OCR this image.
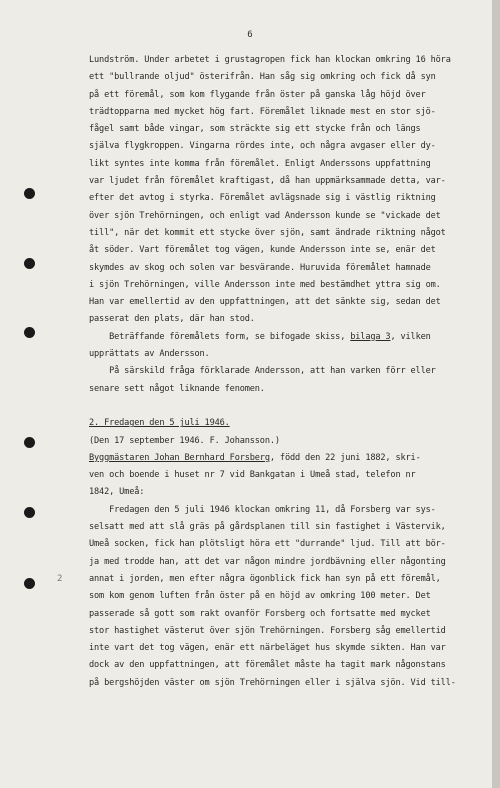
6
2
Lundström. Under arbetet i grustagropen fick han klockan omkring 16 höra
ett "bullrande oljud" österifrån. Han såg sig omkring och fick då syn
på ett föremål, som kom flygande från öster på ganska låg höjd över
trädtopparna med mycket hög fart. Föremålet liknade mest en stor sjö-
fågel samt både vingar, som sträckte sig ett stycke från och längs
själva flygkroppen. Vingarna rördes inte, och några avgaser eller dy-
likt syntes inte komma från föremålet. Enligt Anderssons uppfattning
var ljudet från föremålet kraftigast, då han uppmärksammade detta, var-
efter det avtog i styrka. Föremålet avlägsnade sig i västlig riktning
över sjön Trehörningen, och enligt vad Andersson kunde se "vickade det
till", när det kommit ett stycke över sjön, samt ändrade riktning något
åt söder. Vart föremålet tog vägen, kunde Andersson inte se, enär det
skymdes av skog och solen var besvärande. Huruvida föremålet hamnade
i sjön Trehörningen, ville Andersson inte med bestämdhet yttra sig om.
Han var emellertid av den uppfattningen, att det sänkte sig, sedan det
passerat den plats, där han stod.
Beträffande föremålets form, se bifogade skiss, bilaga 3, vilken
upprättats av Andersson.
På särskild fråga förklarade Andersson, att han varken förr eller
senare sett något liknande fenomen.
2. Fredagen den 5 juli 1946.
(Den 17 september 1946. F. Johansson.)
Byggmästaren Johan Bernhard Forsberg, född den 22 juni 1882, skri-
ven och boende i huset nr 7 vid Bankgatan i Umeå stad, telefon nr
1842, Umeå:
Fredagen den 5 juli 1946 klockan omkring 11, då Forsberg var sys-
selsatt med att slå gräs på gårdsplanen till sin fastighet i Västervik,
Umeå socken, fick han plötsligt höra ett "durrande" ljud. Till att bör-
ja med trodde han, att det var någon mindre jordbävning eller någonting
annat i jorden, men efter några ögonblick fick han syn på ett föremål,
som kom genom luften från öster på en höjd av omkring 100 meter. Det
passerade så gott som rakt ovanför Forsberg och fortsatte med mycket
stor hastighet västerut över sjön Trehörningen. Forsberg såg emellertid
inte vart det tog vägen, enär ett närbeläget hus skymde sikten. Han var
dock av den uppfattningen, att föremålet måste ha tagit mark någonstans
på bergshöjden väster om sjön Trehörningen eller i själva sjön. Vid till-
